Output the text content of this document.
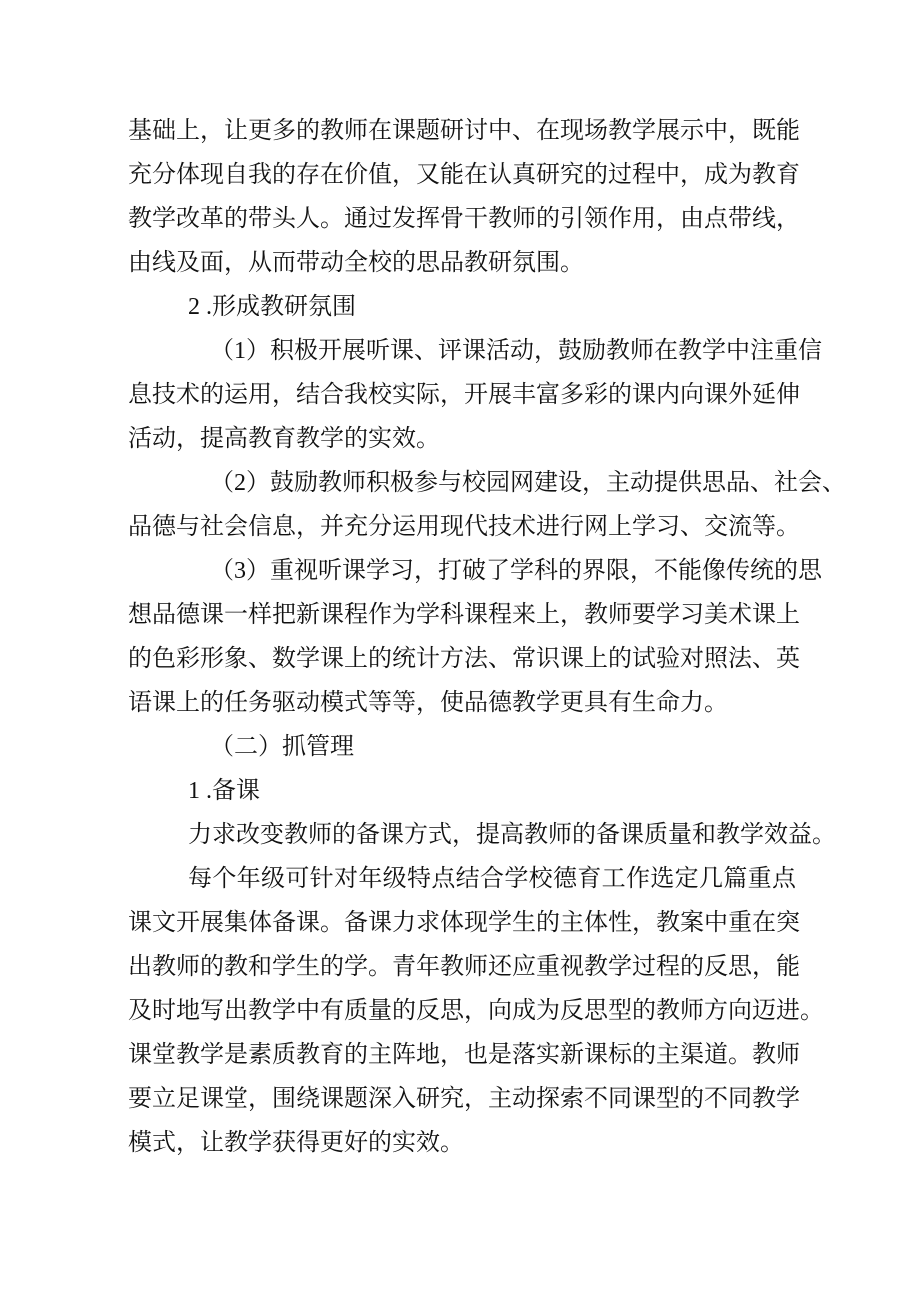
基础上，让更多的教师在课题研讨中、在现场教学展示中，既能
充分体现自我的存在价值，又能在认真研究的过程中，成为教育
教学改革的带头人。通过发挥骨干教师的引领作用，由点带线，
由线及面，从而带动全校的思品教研氛围。
2 .形成教研氛围
（1）积极开展听课、评课活动，鼓励教师在教学中注重信
息技术的运用，结合我校实际，开展丰富多彩的课内向课外延伸
活动，提高教育教学的实效。
（2）鼓励教师积极参与校园网建设，主动提供思品、社会、
品德与社会信息，并充分运用现代技术进行网上学习、交流等。
（3）重视听课学习，打破了学科的界限，不能像传统的思
想品德课一样把新课程作为学科课程来上，教师要学习美术课上
的色彩形象、数学课上的统计方法、常识课上的试验对照法、英
语课上的任务驱动模式等等，使品德教学更具有生命力。
（二）抓管理
1 .备课
力求改变教师的备课方式，提高教师的备课质量和教学效益。
每个年级可针对年级特点结合学校德育工作选定几篇重点
课文开展集体备课。备课力求体现学生的主体性，教案中重在突
出教师的教和学生的学。青年教师还应重视教学过程的反思，能
及时地写出教学中有质量的反思，向成为反思型的教师方向迈进。
课堂教学是素质教育的主阵地，也是落实新课标的主渠道。教师
要立足课堂，围绕课题深入研究，主动探索不同课型的不同教学
模式，让教学获得更好的实效。
